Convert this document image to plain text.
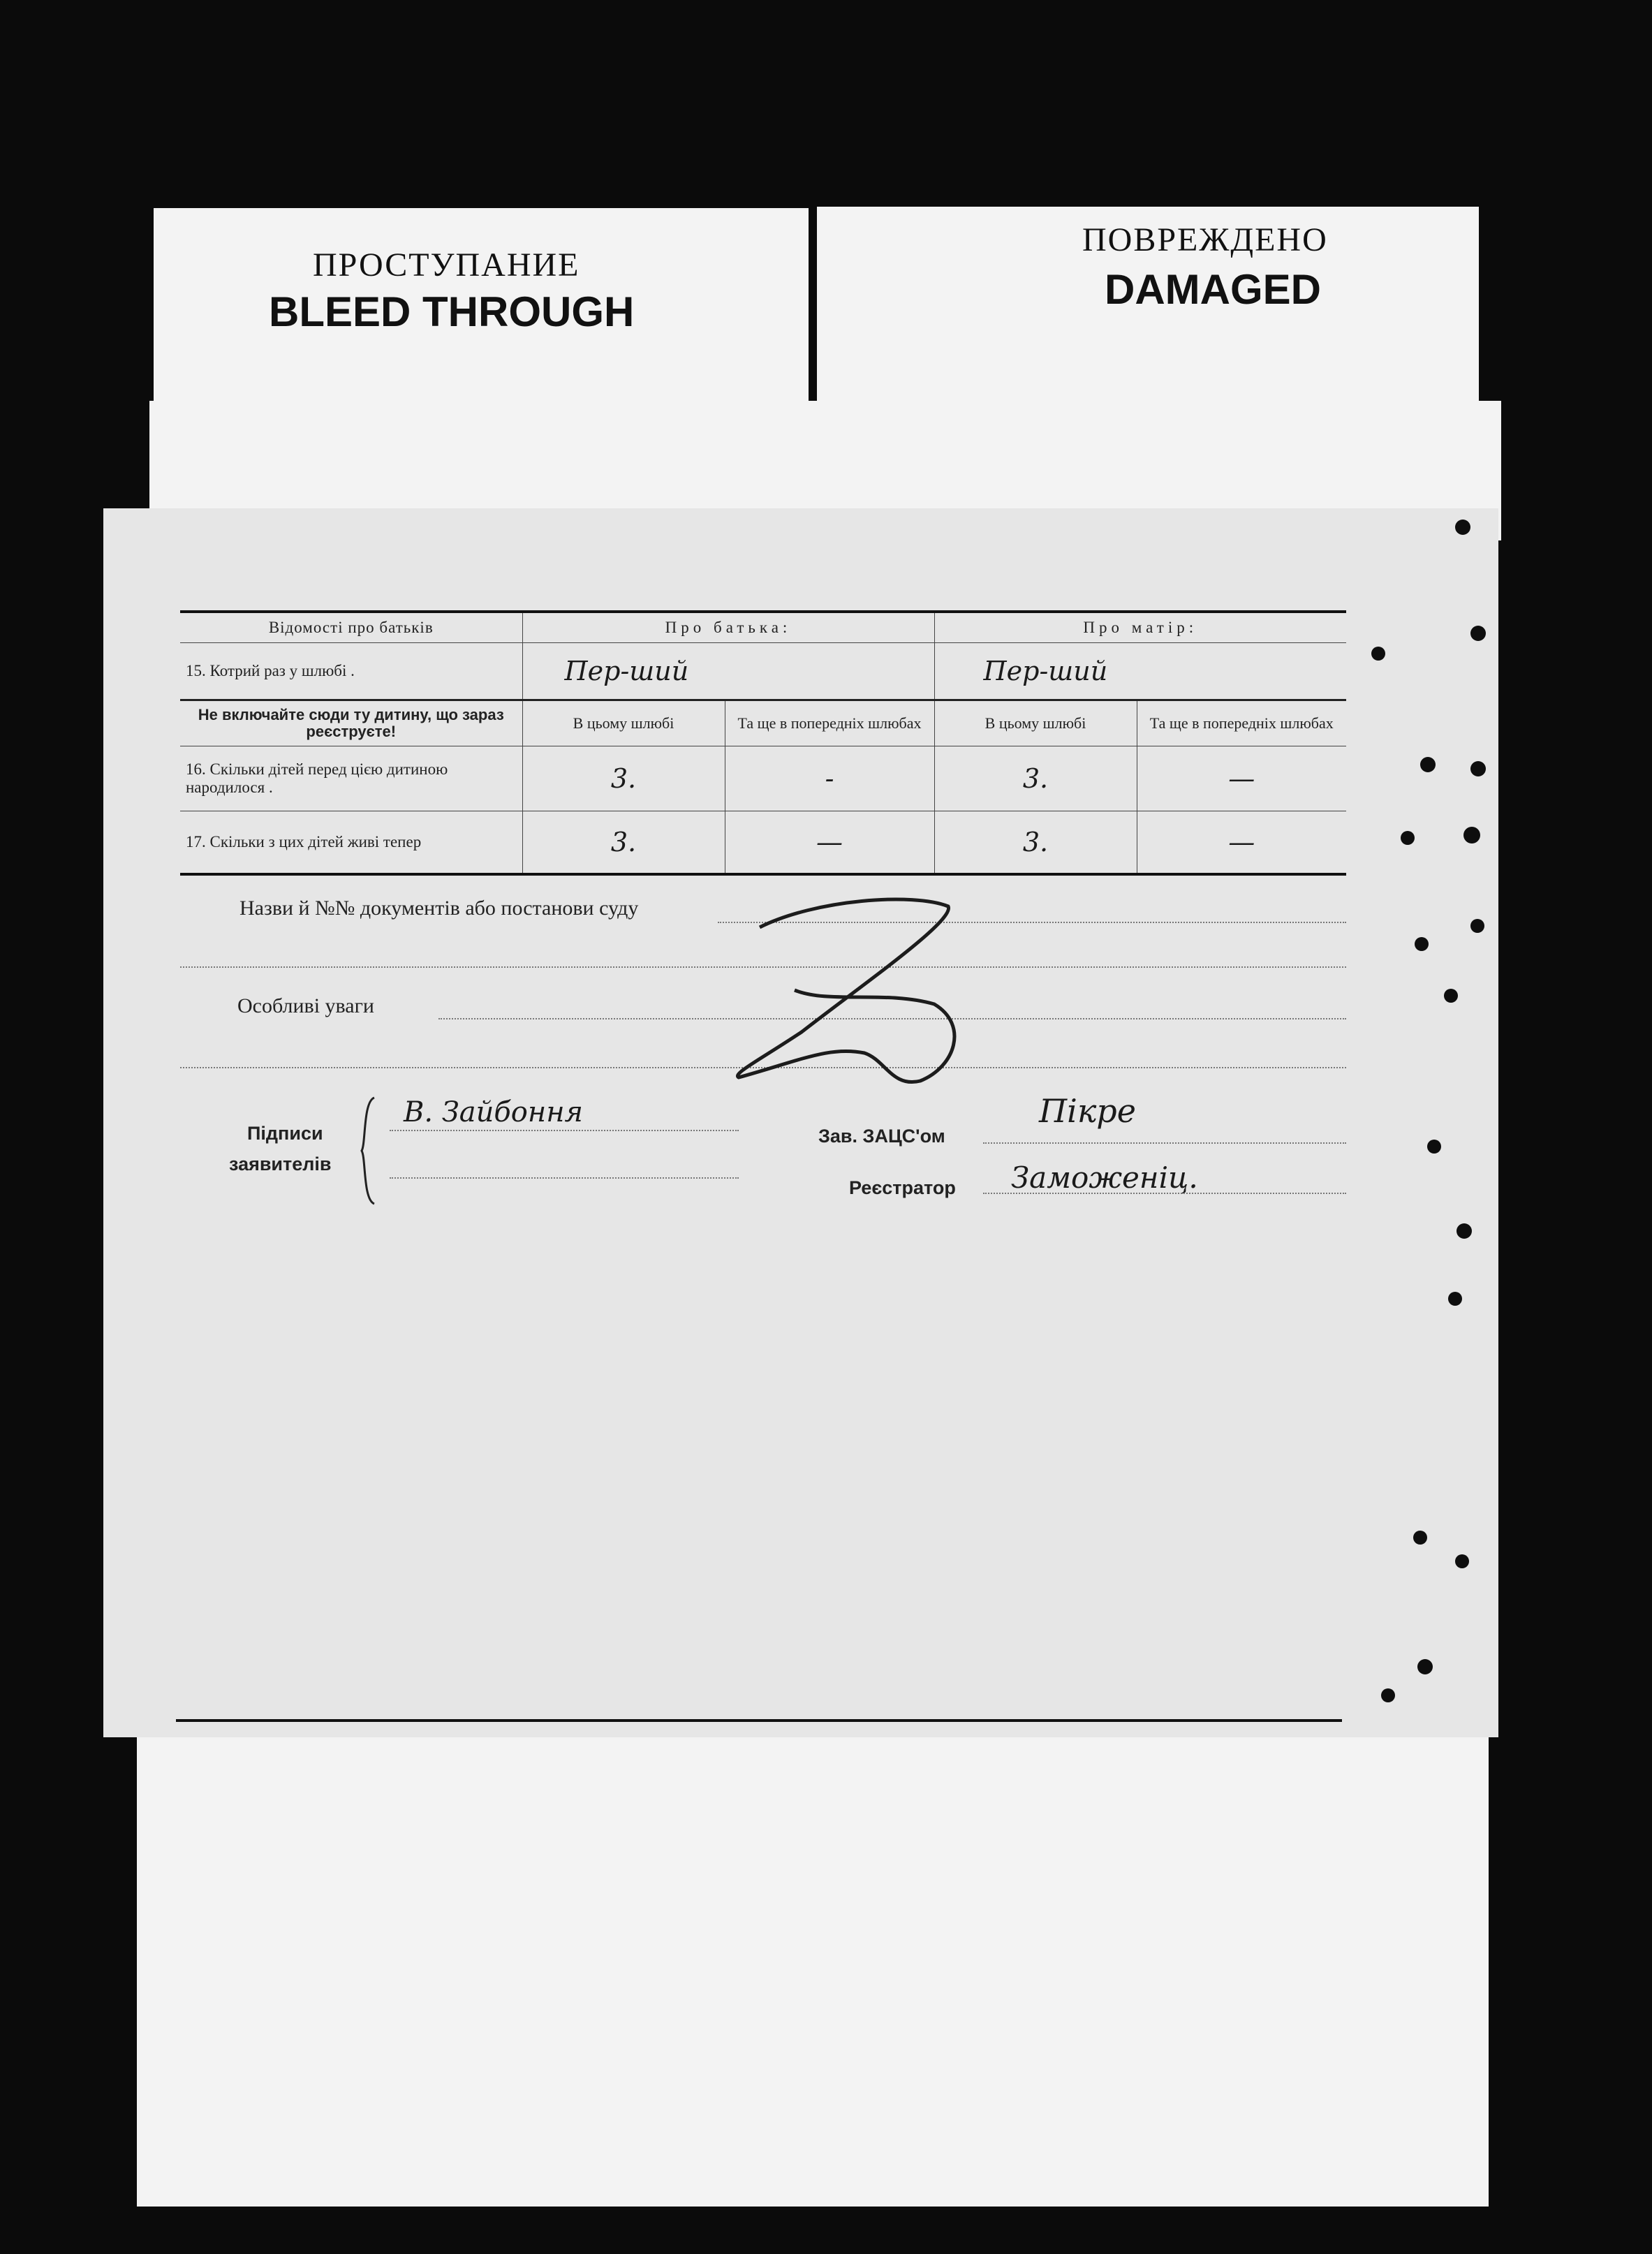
ПРОСТУПАНИЕ
BLEED THROUGH
ПОВРЕЖДЕНО
DAMAGED
Відомості про батьків	Про батька:		Про матір:	
15. Котрий раз у шлюбі .	Пер-ший		Пер-ший	
Не включайте сюди ту дитину, що зараз реєструєте!	В цьому шлюбі	Та ще в попередніх шлюбах	В цьому шлюбі	Та ще в попередніх шлюбах
16. Скільки дітей перед цією дитиною народилося .	3.	-	3.	—
17. Скільки з цих дітей живі тепер	3.	—	3.	—
Назви й №№ документів або постанови суду
Особливі уваги
Підписи
заявителів
В. Зайбоння
Зав. ЗАЦС'ом
Пікре
Реєстратор Заможеніц.
